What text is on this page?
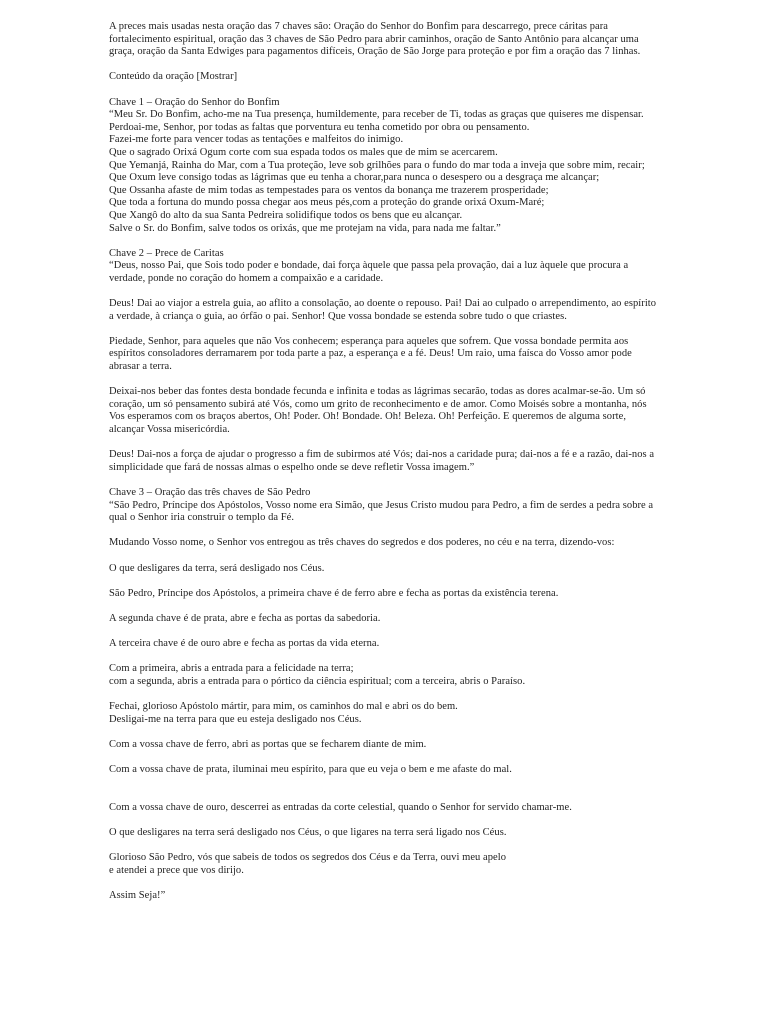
A preces mais usadas nesta oração das 7 chaves são: Oração do Senhor do Bonfim para descarrego, prece cáritas para fortalecimento espiritual, oração das 3 chaves de São Pedro para abrir caminhos, oração de Santo Antônio para alcançar uma graça, oração da Santa Edwiges para pagamentos difíceis, Oração de São Jorge para proteção e por fim a oração das 7 linhas.

Conteúdo da oração [Mostrar]

Chave 1 – Oração do Senhor do Bonfim

“Meu Sr. Do Bonfim, acho-me na Tua presença, humildemente, para receber de Ti, todas as graças que quiseres me dispensar.

Perdoai-me, Senhor, por todas as faltas que porventura eu tenha cometido por obra ou pensamento.

Fazei-me forte para vencer todas as tentações e malfeitos do inimigo.

Que o sagrado Orixá Ogum corte com sua espada todos os males que de mim se acercarem.

Que Yemanjá, Rainha do Mar, com a Tua proteção, leve sob grilhões para o fundo do mar toda a inveja que sobre mim, recair;

Que Oxum leve consigo todas as lágrimas que eu tenha a chorar,para nunca o desespero ou a desgraça me alcançar;

Que Ossanha afaste de mim todas as tempestades para os ventos da bonança me trazerem prosperidade;

Que toda a fortuna do mundo possa chegar aos meus pés,com a proteção do grande orixá Oxum-Maré;

Que Xangô do alto da sua Santa Pedreira solidifique todos os bens que eu alcançar.

Salve o Sr. do Bonfim, salve todos os orixás, que me protejam na vida, para nada me faltar.”

Chave 2 – Prece de Caritas

“Deus, nosso Pai, que Sois todo poder e bondade, dai força àquele que passa pela provação, dai a luz àquele que procura a verdade, ponde no coração do homem a compaixão e a caridade.

Deus! Dai ao viajor a estrela guia, ao aflito a consolação, ao doente o repouso. Pai! Dai ao culpado o arrependimento, ao espírito a verdade, à criança o guia, ao órfão o pai. Senhor! Que vossa bondade se estenda sobre tudo o que criastes.

Piedade, Senhor, para aqueles que não Vos conhecem; esperança para aqueles que sofrem. Que vossa bondade permita aos espíritos consoladores derramarem por toda parte a paz, a esperança e a fé. Deus! Um raio, uma faísca do Vosso amor pode abrasar a terra.

Deixai-nos beber das fontes desta bondade fecunda e infinita e todas as lágrimas secarão, todas as dores acalmar-se-ão. Um só coração, um só pensamento subirá até Vós, como um grito de reconhecimento e de amor. Como Moisés sobre a montanha, nós Vos esperamos com os braços abertos, Oh! Poder. Oh! Bondade. Oh! Beleza. Oh! Perfeição. E queremos de alguma sorte, alcançar Vossa misericórdia.

Deus! Dai-nos a força de ajudar o progresso a fim de subirmos até Vós; dai-nos a caridade pura; dai-nos a fé e a razão, dai-nos a simplicidade que fará de nossas almas o espelho onde se deve refletir Vossa imagem.”

Chave 3 – Oração das três chaves de São Pedro

“São Pedro, Príncipe dos Apóstolos, Vosso nome era Simão, que Jesus Cristo mudou para Pedro, a fim de serdes a pedra sobre a qual o Senhor iria construir o templo da Fé.

Mudando Vosso nome, o Senhor vos entregou as três chaves do segredos e dos poderes, no céu e na terra, dizendo-vos:

O que desligares da terra, será desligado nos Céus.

São Pedro, Príncipe dos Apóstolos, a primeira chave é de ferro abre e fecha as portas da existência terena.

A segunda chave é de prata, abre e fecha as portas da sabedoria.

A terceira chave é de ouro abre e fecha as portas da vida eterna.

Com a primeira, abris a entrada para a felicidade na terra;
com a segunda, abris a entrada para o pórtico da ciência espiritual; com a terceira, abris o Paraíso.

Fechai, glorioso Apóstolo mártir, para mim, os caminhos do mal e abri os do bem.
Desligai-me na terra para que eu esteja desligado nos Céus.

Com a vossa chave de ferro, abri as portas que se fecharem diante de mim.

Com a vossa chave de prata, iluminai meu espírito, para que eu veja o bem e me afaste do mal.

Com a vossa chave de ouro, descerrei as entradas da corte celestial, quando o Senhor for servido chamar-me.

O que desligares na terra será desligado nos Céus, o que ligares na terra será ligado nos Céus.

Glorioso São Pedro, vós que sabeis de todos os segredos dos Céus e da Terra, ouvi meu apelo
e atendei a prece que vos dirijo.

Assim Seja!”
